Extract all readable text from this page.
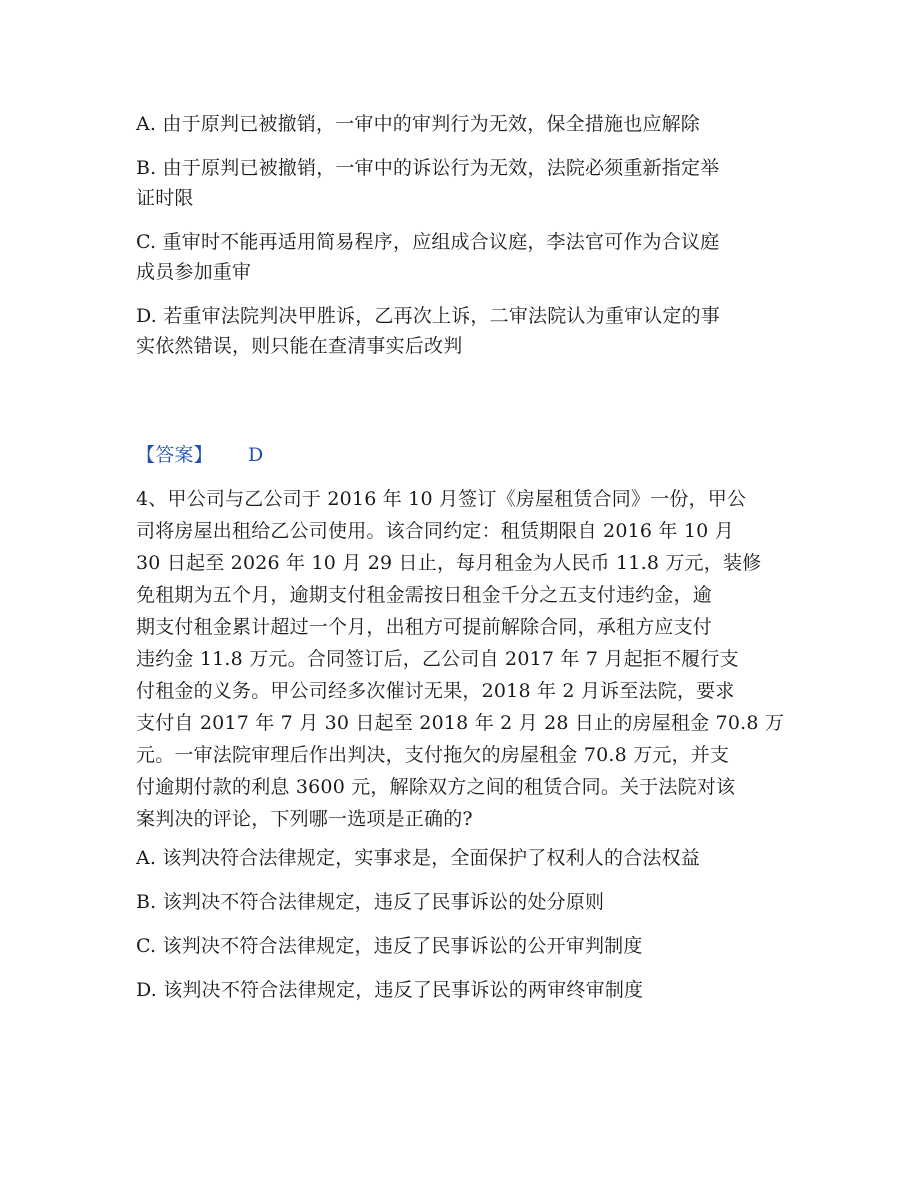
A. 由于原判已被撤销，一审中的审判行为无效，保全措施也应解除
B. 由于原判已被撤销，一审中的诉讼行为无效，法院必须重新指定举
证时限
C. 重审时不能再适用简易程序，应组成合议庭，李法官可作为合议庭
成员参加重审
D. 若重审法院判决甲胜诉，乙再次上诉，二审法院认为重审认定的事
实依然错误，则只能在查清事实后改判
【答案】 D
4、甲公司与乙公司于 2016 年 10 月签订《房屋租赁合同》一份，甲公
司将房屋出租给乙公司使用。该合同约定：租赁期限自 2016 年 10 月
30 日起至 2026 年 10 月 29 日止，每月租金为人民币 11.8 万元，装修
免租期为五个月，逾期支付租金需按日租金千分之五支付违约金，逾
期支付租金累计超过一个月，出租方可提前解除合同，承租方应支付
违约金 11.8 万元。合同签订后，乙公司自 2017 年 7 月起拒不履行支
付租金的义务。甲公司经多次催讨无果，2018 年 2 月诉至法院，要求
支付自 2017 年 7 月 30 日起至 2018 年 2 月 28 日止的房屋租金 70.8 万
元。一审法院审理后作出判决，支付拖欠的房屋租金 70.8 万元，并支
付逾期付款的利息 3600 元，解除双方之间的租赁合同。关于法院对该
案判决的评论，下列哪一选项是正确的?
A. 该判决符合法律规定，实事求是，全面保护了权利人的合法权益
B. 该判决不符合法律规定，违反了民事诉讼的处分原则
C. 该判决不符合法律规定，违反了民事诉讼的公开审判制度
D. 该判决不符合法律规定，违反了民事诉讼的两审终审制度
